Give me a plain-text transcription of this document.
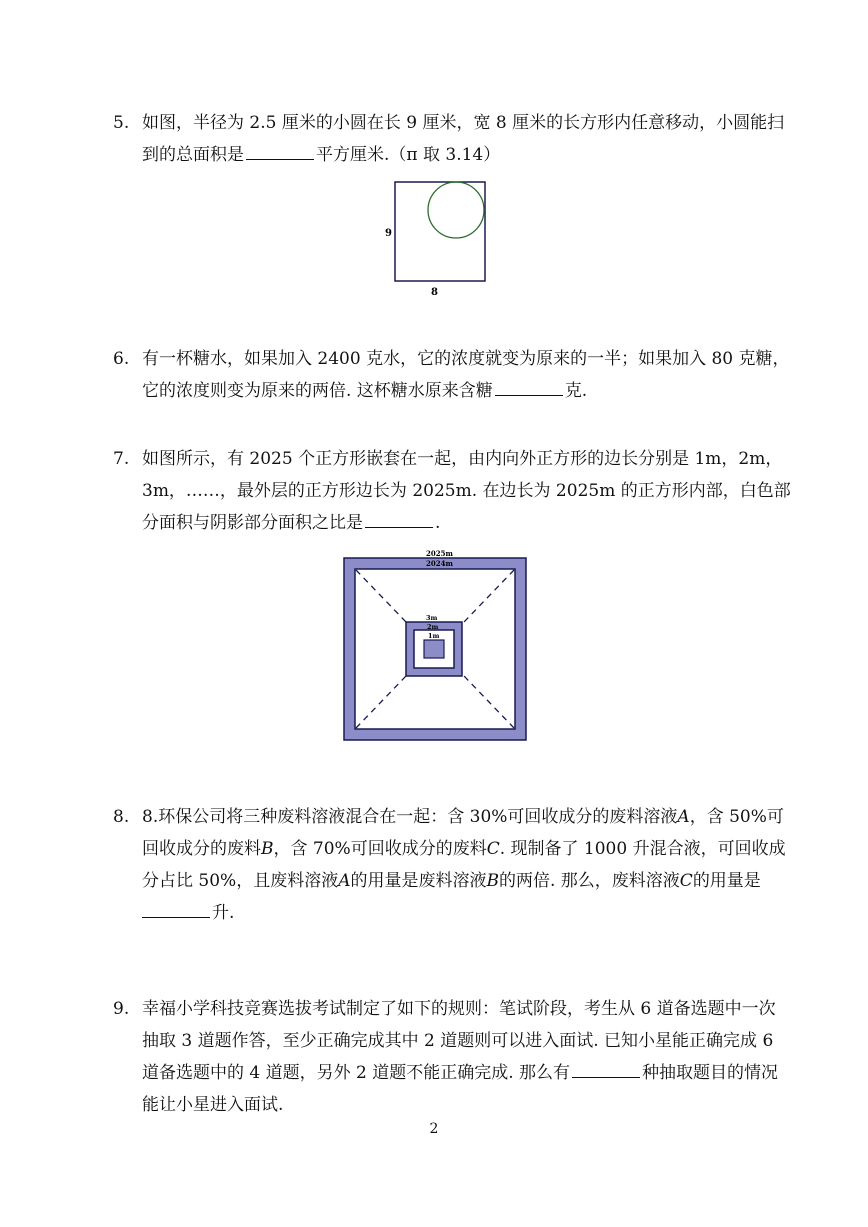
5. 如图，半径为 2.5 厘米的小圆在长 9 厘米，宽 8 厘米的长方形内任意移动，小圆能扫
到的总面积是	平方厘米.（π 取 3.14）
9
8
6. 有一杯糖水，如果加入 2400 克水，它的浓度就变为原来的一半；如果加入 80 克糖，
它的浓度则变为原来的两倍. 这杯糖水原来含糖	克.
7. 如图所示，有 2025 个正方形嵌套在一起，由内向外正方形的边长分别是 1m，2m，
3m，……，最外层的正方形边长为 2025m. 在边长为 2025m 的正方形内部，白色部
分面积与阴影部分面积之比是	.
2025m
2024m
3m
2m
1m
8. 8.环保公司将三种废料溶液混合在一起：含 30%可回收成分的废料溶液A，含 50%可
回收成分的废料B，含 70%可回收成分的废料C. 现制备了 1000 升混合液，可回收成
分占比 50%，且废料溶液A的用量是废料溶液B的两倍. 那么，废料溶液C的用量是
升.
9. 幸福小学科技竞赛选拔考试制定了如下的规则：笔试阶段，考生从 6 道备选题中一次
抽取 3 道题作答，至少正确完成其中 2 道题则可以进入面试. 已知小星能正确完成 6
道备选题中的 4 道题，另外 2 道题不能正确完成. 那么有	种抽取题目的情况
能让小星进入面试.
2
